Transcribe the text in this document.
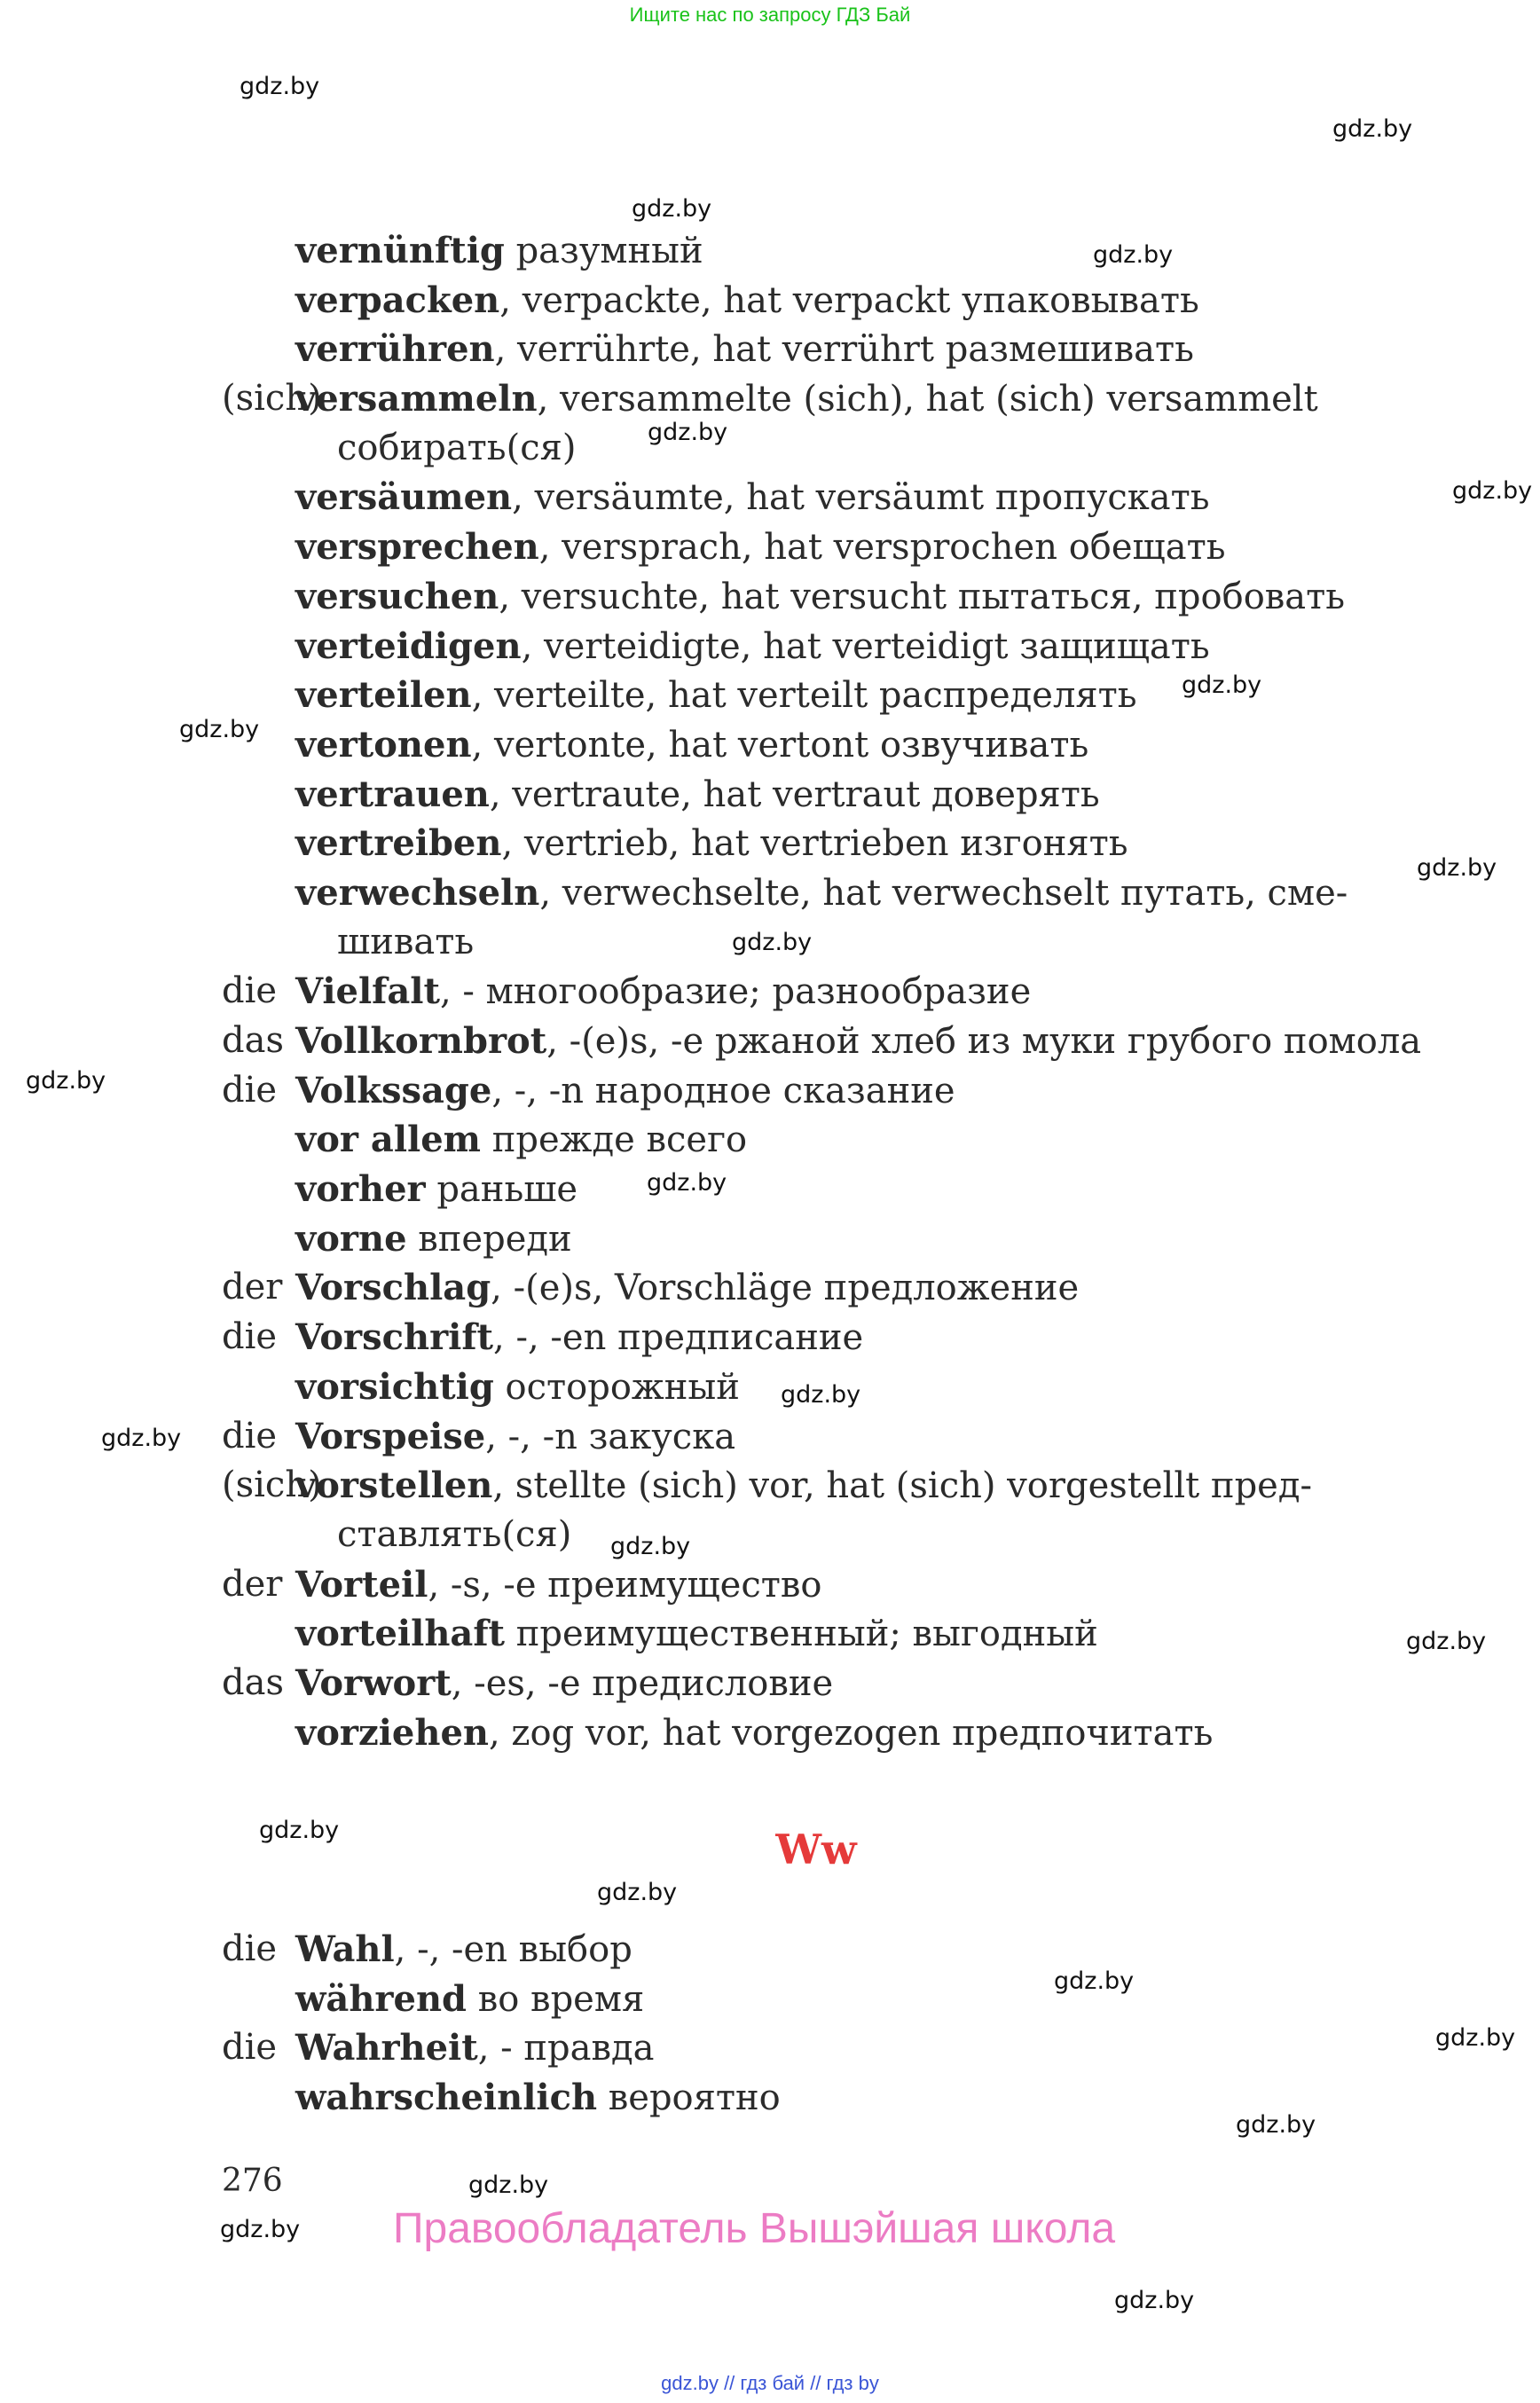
Ищите нас по запросу ГДЗ Бай
gdz.by
gdz.by
gdz.by
gdz.by
gdz.by
gdz.by
gdz.by
gdz.by
gdz.by
gdz.by
gdz.by
gdz.by
gdz.by
gdz.by
gdz.by
gdz.by
gdz.by
gdz.by
gdz.by
gdz.by
gdz.by
gdz.by
gdz.by
gdz.by
vernünftig разумный
verpacken, verpackte, hat verpackt упаковывать
verrühren, verrührte, hat verrührt размешивать
(sich)
versammeln, versammelte (sich), hat (sich) versammelt
собирать(ся)
versäumen, versäumte, hat versäumt пропускать
versprechen, versprach, hat versprochen обещать
versuchen, versuchte, hat versucht пытаться, пробовать
verteidigen, verteidigte, hat verteidigt защищать
verteilen, verteilte, hat verteilt распределять
vertonen, vertonte, hat vertont озвучивать
vertrauen, vertraute, hat vertraut доверять
vertreiben, vertrieb, hat vertrieben изгонять
verwechseln, verwechselte, hat verwechselt путать, сме-
шивать
die Vielfalt, - многообразие; разнообразие
das Vollkornbrot, -(e)s, -e ржаной хлеб из муки грубого помола
die Volkssage, -, -n народное сказание
vor allem прежде всего
vorher раньше
vorne впереди
der Vorschlag, -(e)s, Vorschläge предложение
die Vorschrift, -, -en предписание
vorsichtig осторожный
die Vorspeise, -, -n закуска
(sich)
vorstellen, stellte (sich) vor, hat (sich) vorgestellt пред-
ставлять(ся)
der Vorteil, -s, -e преимущество
vorteilhaft преимущественный; выгодный
das Vorwort, -es, -e предисловие
vorziehen, zog vor, hat vorgezogen предпочитать
Ww
die Wahl, -, -en выбор
während во время
die Wahrheit, - правда
wahrscheinlich вероятно
276
Правообладатель Вышэйшая школа
gdz.by // гдз бай // гдз by
